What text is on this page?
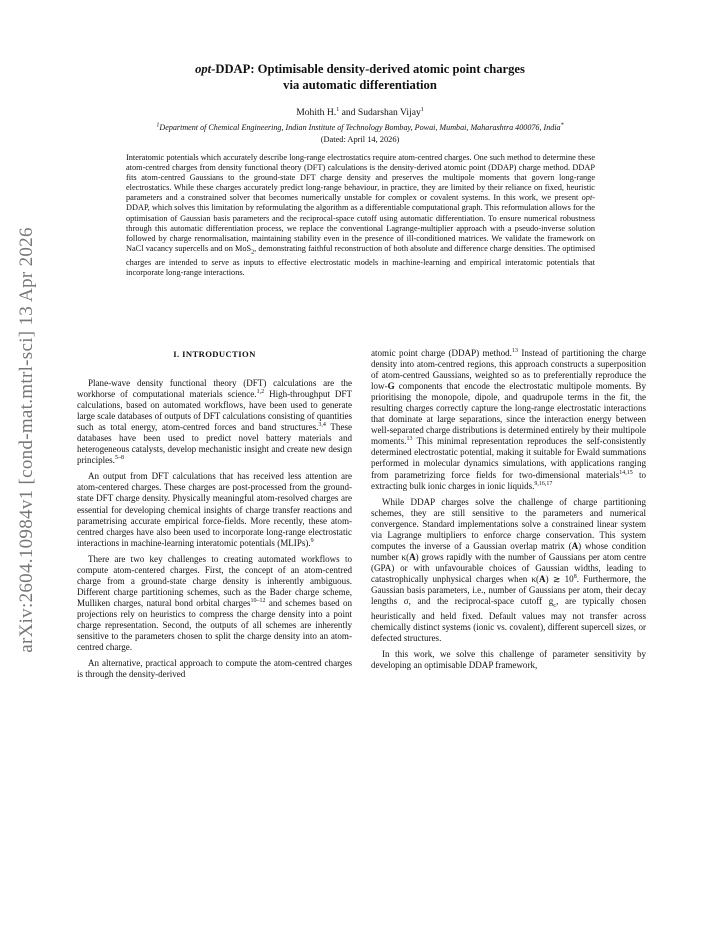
arXiv:2604.10984v1 [cond-mat.mtrl-sci] 13 Apr 2026
opt-DDAP: Optimisable density-derived atomic point charges
via automatic differentiation
Mohith H.$^1$ and Sudarshan Vijay$^1$
$^1$Department of Chemical Engineering, Indian Institute of Technology Bombay, Powai, Mumbai, Maharashtra 400076, India*
(Dated: April 14, 2026)

Interatomic potentials which accurately describe long-range electrostatics require atom-centred charges. One such method to determine these atom-centred charges from density functional theory (DFT) calculations is the density-derived atomic point (DDAP) charge method. DDAP fits atom-centred Gaussians to the ground-state DFT charge density and preserves the multipole moments that govern long-range electrostatics. While these charges accurately predict long-range behaviour, in practice, they are limited by their reliance on fixed, heuristic parameters and a constrained solver that becomes numerically unstable for complex or covalent systems. In this work, we present opt-DDAP, which solves this limitation by reformulating the algorithm as a differentiable computational graph. This reformulation allows for the optimisation of Gaussian basis parameters and the reciprocal-space cutoff using automatic differentiation. To ensure numerical robustness through this automatic differentiation process, we replace the conventional Lagrange-multiplier approach with a pseudo-inverse solution followed by charge renormalisation, maintaining stability even in the presence of ill-conditioned matrices. We validate the framework on NaCl vacancy supercells and on MoS$_2$, demonstrating faithful reconstruction of both absolute and difference charge densities. The optimised charges are intended to serve as inputs to effective electrostatic models in machine-learning and empirical interatomic potentials that incorporate long-range interactions.

I. INTRODUCTION

Plane-wave density functional theory (DFT) calculations are the workhorse of computational materials science.$^{1,2}$ High-throughput DFT calculations, based on automated workflows, have been used to generate large scale databases of outputs of DFT calculations consisting of quantities such as total energy, atom-centred forces and band structures.$^{3,4}$ These databases have been used to predict novel battery materials and heterogeneous catalysts, develop mechanistic insight and create new design principles.$^{5-8}$

An output from DFT calculations that has received less attention are atom-centered charges. These charges are post-processed from the ground-state DFT charge density. Physically meaningful atom-resolved charges are essential for developing chemical insights of charge transfer reactions and parametrising accurate empirical force-fields. More recently, these atom-centred charges have also been used to incorporate long-range electrostatic interactions in machine-learning interatomic potentials (MLIPs).$^9$

There are two key challenges to creating automated workflows to compute atom-centered charges. First, the concept of an atom-centred charge from a ground-state charge density is inherently ambiguous. Different charge partitioning schemes, such as the Bader charge scheme, Mulliken charges, natural bond orbital charges$^{10-12}$ and schemes based on projections rely on heuristics to compress the charge density into a point charge representation. Second, the outputs of all schemes are inherently sensitive to the parameters chosen to split the charge density into an atom-centred charge.

An alternative, practical approach to compute the atom-centred charges is through the density-derived

atomic point charge (DDAP) method.$^{13}$ Instead of partitioning the charge density into atom-centred regions, this approach constructs a superposition of atom-centred Gaussians, weighted so as to preferentially reproduce the low-G components that encode the electrostatic multipole moments. By prioritising the monopole, dipole, and quadrupole terms in the fit, the resulting charges correctly capture the long-range electrostatic interactions that dominate at large separations, since the interaction energy between well-separated charge distributions is determined entirely by their multipole moments.$^{13}$ This minimal representation reproduces the self-consistently determined electrostatic potential, making it suitable for Ewald summations performed in molecular dynamics simulations, with applications ranging from parametrizing force fields for two-dimensional materials$^{14,15}$ to extracting bulk ionic charges in ionic liquids.$^{9,16,17}$

While DDAP charges solve the challenge of charge partitioning schemes, they are still sensitive to the parameters and numerical convergence. Standard implementations solve a constrained linear system via Lagrange multipliers to enforce charge conservation. This system computes the inverse of a Gaussian overlap matrix (A) whose condition number κ(A) grows rapidly with the number of Gaussians per atom centre (GPA) or with unfavourable choices of Gaussian widths, leading to catastrophically unphysical charges when κ(A) ≳ $10^8$. Furthermore, the Gaussian basis parameters, i.e., number of Gaussians per atom, their decay lengths σ, and the reciprocal-space cutoff $g_c$, are typically chosen heuristically and held fixed. Default values may not transfer across chemically distinct systems (ionic vs. covalent), different supercell sizes, or defected structures.

In this work, we solve this challenge of parameter sensitivity by developing an optimisable DDAP framework,
